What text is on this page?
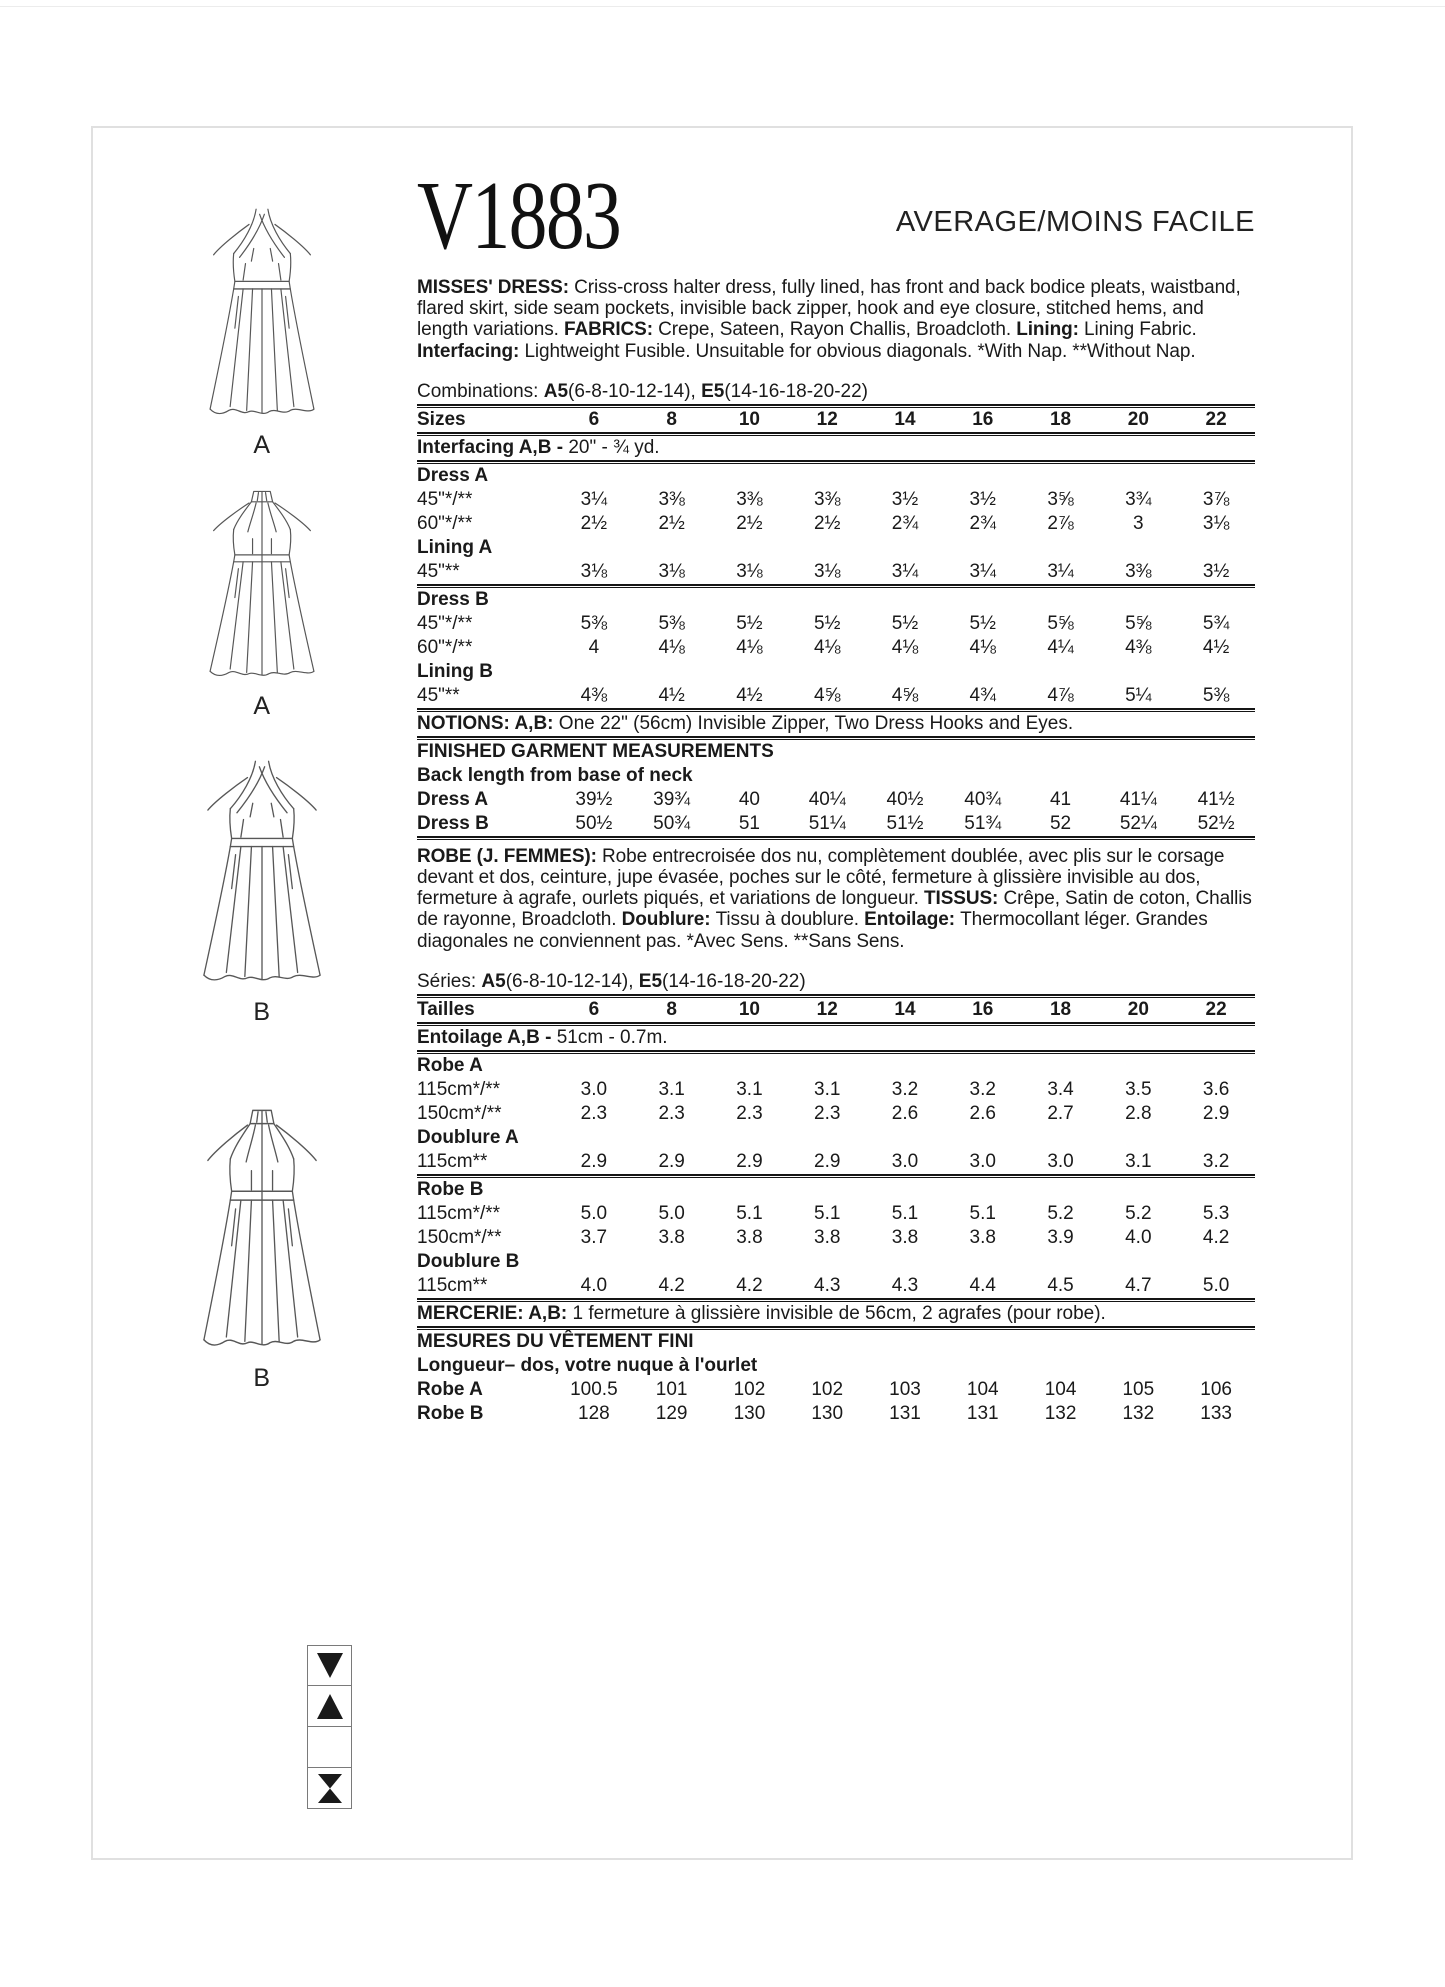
A
A
B
B
V1883	AVERAGE/MOINS FACILE

MISSES' DRESS: Criss-cross halter dress, fully lined, has front and back bodice pleats, waistband, flared skirt, side seam pockets, invisible back zipper, hook and eye closure, stitched hems, and length variations. FABRICS: Crepe, Sateen, Rayon Challis, Broadcloth. Lining: Lining Fabric. Interfacing: Lightweight Fusible. Unsuitable for obvious diagonals. *With Nap. **Without Nap.

Combinations: A5(6-8-10-12-14), E5(14-16-18-20-22)

Sizes	6	8	10	12	14	16	18	20	22

Interfacing A,B - 20" - ¾ yd.

Dress A
45"*/**	3¼	3⅜	3⅜	3⅜	3½	3½	3⅝	3¾	3⅞
60"*/**	2½	2½	2½	2½	2¾	2¾	2⅞	3	3⅛
Lining A
45"**	3⅛	3⅛	3⅛	3⅛	3¼	3¼	3¼	3⅜	3½
Dress B
45"*/**	5⅜	5⅜	5½	5½	5½	5½	5⅝	5⅝	5¾
60"*/**	4	4⅛	4⅛	4⅛	4⅛	4⅛	4¼	4⅜	4½
Lining B
45"**	4⅜	4½	4½	4⅝	4⅝	4¾	4⅞	5¼	5⅜

NOTIONS: A,B: One 22" (56cm) Invisible Zipper, Two Dress Hooks and Eyes.

FINISHED GARMENT MEASUREMENTS

Back length from base of neck

Dress A	39½	39¾	40	40¼	40½	40¾	41	41¼	41½
Dress B	50½	50¾	51	51¼	51½	51¾	52	52¼	52½

ROBE (J. FEMMES): Robe entrecroisée dos nu, complètement doublée, avec plis sur le corsage devant et dos, ceinture, jupe évasée, poches sur le côté, fermeture à glissière invisible au dos, fermeture à agrafe, ourlets piqués, et variations de longueur. TISSUS: Crêpe, Satin de coton, Challis de rayonne, Broadcloth. Doublure: Tissu à doublure. Entoilage: Thermocollant léger. Grandes diagonales ne conviennent pas. *Avec Sens. **Sans Sens.

Séries: A5(6-8-10-12-14), E5(14-16-18-20-22)

Tailles	6	8	10	12	14	16	18	20	22

Entoilage A,B - 51cm - 0.7m.

Robe A
115cm*/**	3.0	3.1	3.1	3.1	3.2	3.2	3.4	3.5	3.6
150cm*/**	2.3	2.3	2.3	2.3	2.6	2.6	2.7	2.8	2.9
Doublure A
115cm**	2.9	2.9	2.9	2.9	3.0	3.0	3.0	3.1	3.2
Robe B
115cm*/**	5.0	5.0	5.1	5.1	5.1	5.1	5.2	5.2	5.3
150cm*/**	3.7	3.8	3.8	3.8	3.8	3.8	3.9	4.0	4.2
Doublure B
115cm**	4.0	4.2	4.2	4.3	4.3	4.4	4.5	4.7	5.0

MERCERIE: A,B: 1 fermeture à glissière invisible de 56cm, 2 agrafes (pour robe).

MESURES DU VÊTEMENT FINI

Longueur– dos, votre nuque à l'ourlet

Robe A	100.5	101	102	102	103	104	104	105	106
Robe B	128	129	130	130	131	131	132	132	133
